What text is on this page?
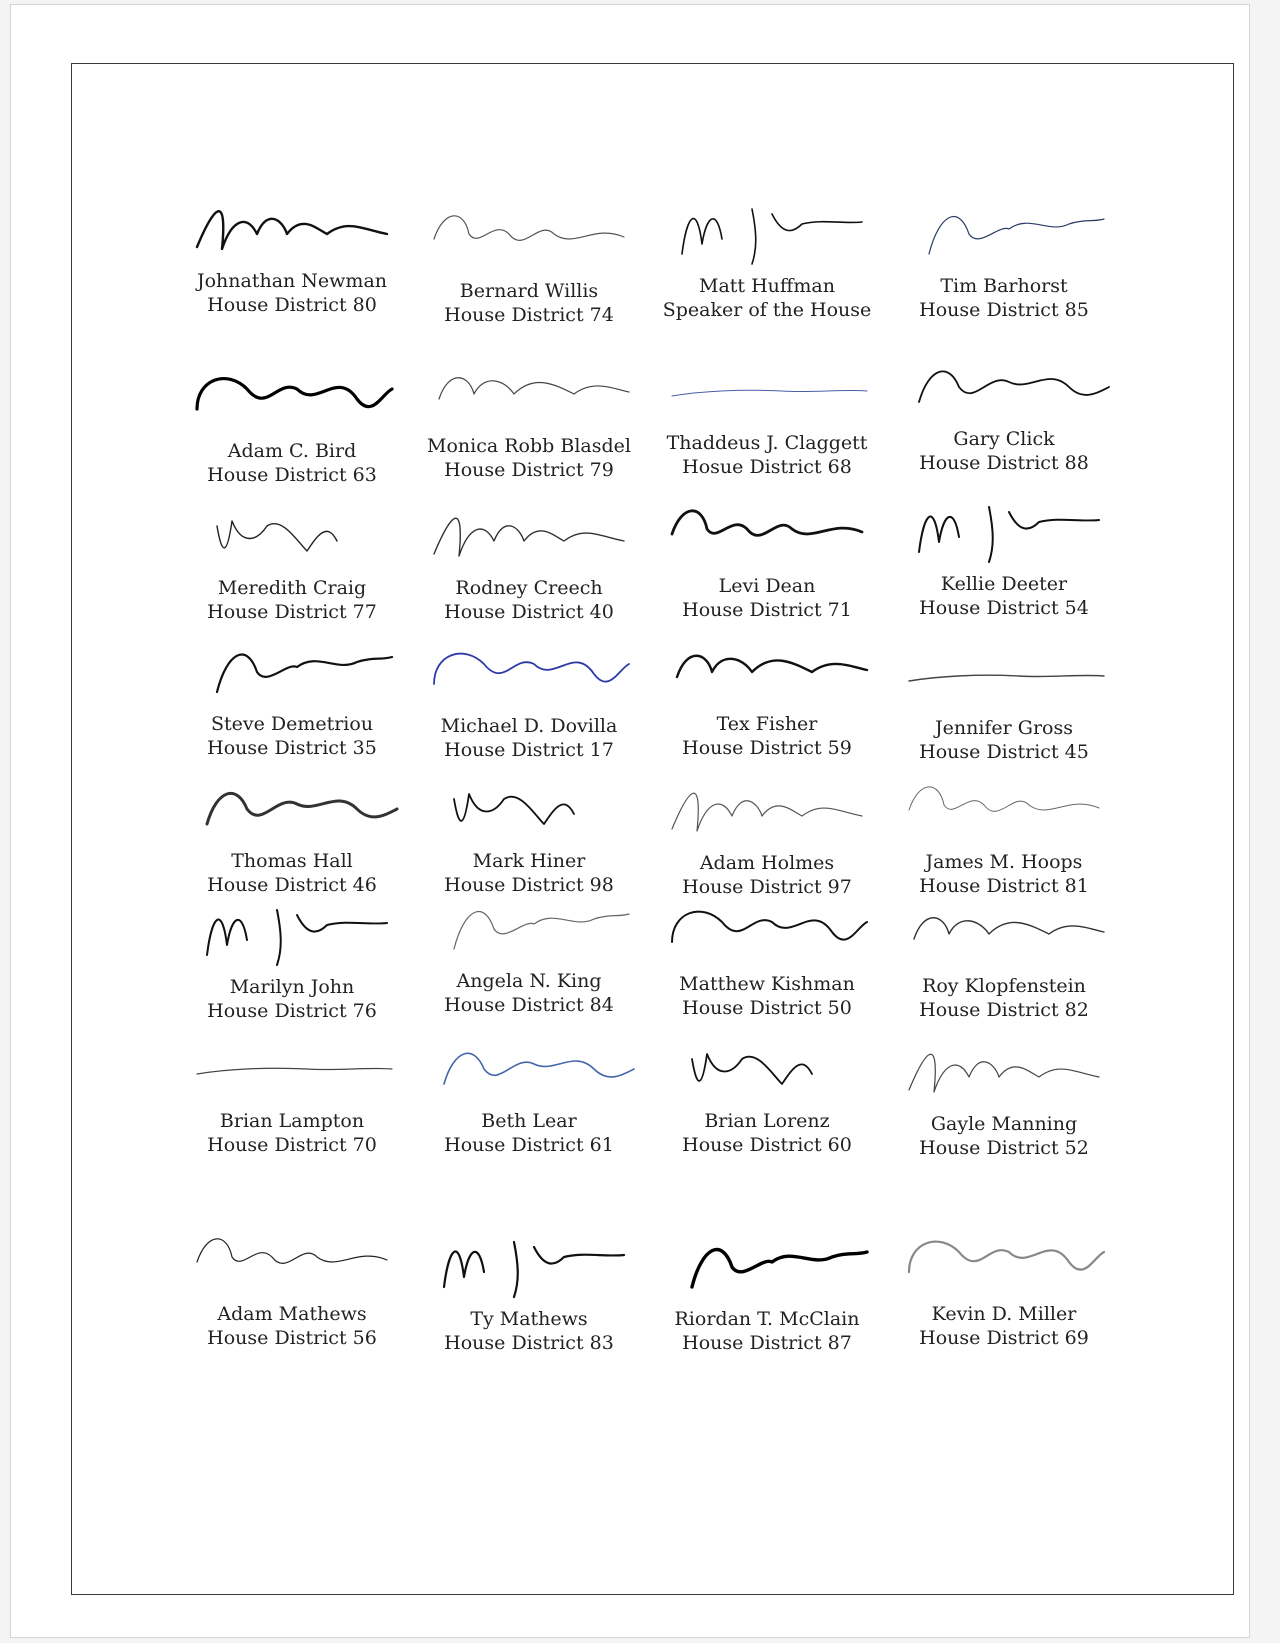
Johnathan Newman
House District 80
Bernard Willis
House District 74
Matt Huffman
Speaker of the House
Tim Barhorst
House District 85
Adam C. Bird
House District 63
Monica Robb Blasdel
House District 79
Thaddeus J. Claggett
Hosue District 68
Gary Click
House District 88
Meredith Craig
House District 77
Rodney Creech
House District 40
Levi Dean
House District 71
Kellie Deeter
House District 54
Steve Demetriou
House District 35
Michael D. Dovilla
House District 17
Tex Fisher
House District 59
Jennifer Gross
House District 45
Thomas Hall
House District 46
Mark Hiner
House District 98
Adam Holmes
House District 97
James M. Hoops
House District 81
Marilyn John
House District 76
Angela N. King
House District 84
Matthew Kishman
House District 50
Roy Klopfenstein
House District 82
Brian Lampton
House District 70
Beth Lear
House District 61
Brian Lorenz
House District 60
Gayle Manning
House District 52
Adam Mathews
House District 56
Ty Mathews
House District 83
Riordan T. McClain
House District 87
Kevin D. Miller
House District 69
